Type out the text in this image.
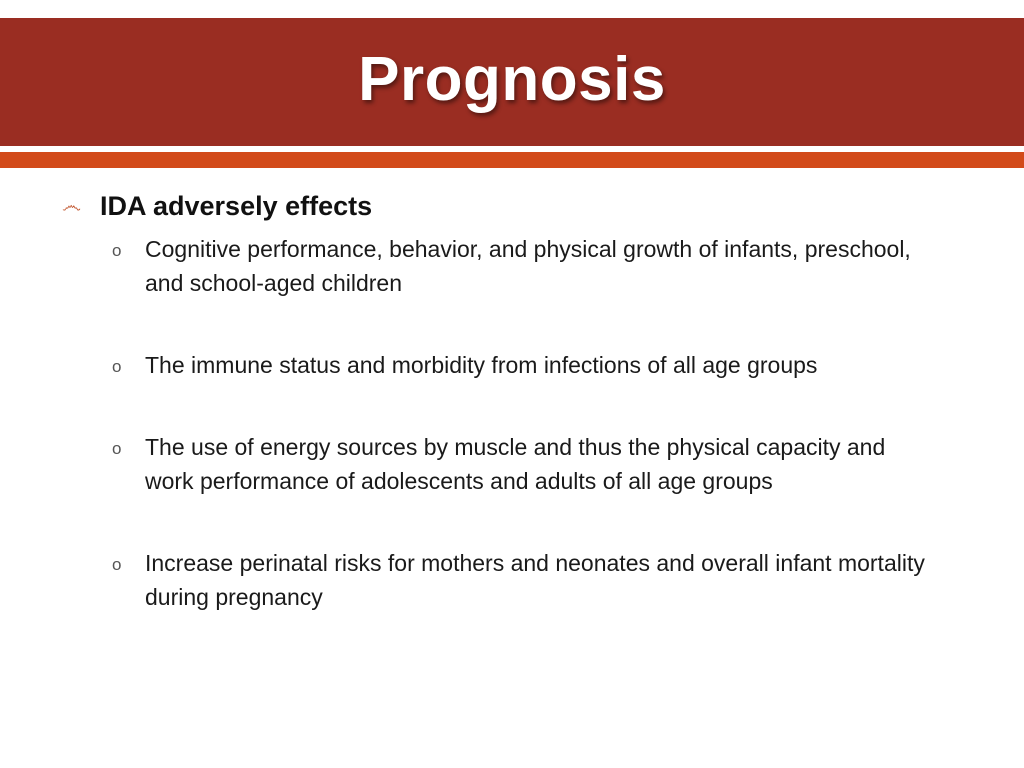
Prognosis
෴ IDA adversely effects
o	Cognitive performance, behavior, and physical growth of infants, preschool, and school-aged children
o	The immune status and morbidity from infections of all age groups
o	The use of energy sources by muscle and thus the physical capacity and work performance of adolescents and adults of all age groups
o	Increase perinatal risks for mothers and neonates and overall infant mortality during pregnancy
